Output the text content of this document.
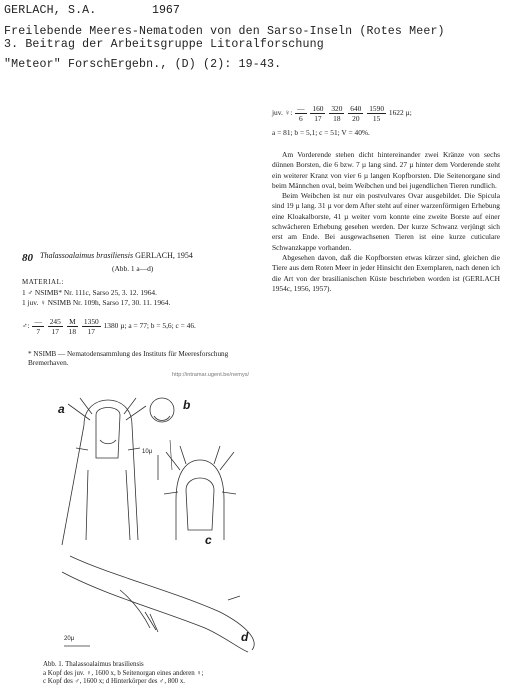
GERLACH, S.A.	1967
Freilebende Meeres-Nematoden von den Sarso-Inseln (Rotes Meer)
3. Beitrag der Arbeitsgruppe Litoralforschung
"Meteor" ForschErgebn., (D) (2): 19-43.
juv. ♀: $\frac{—}{6}$
$\frac{160}{17}$
$\frac{320}{18}$
$\frac{640}{20}$
$\frac{1590}{15} 1622$ µ;
a = 81; b = 5,1; c = 51; V = 40%.

Am Vorderende stehen dicht hintereinander zwei Kränze von sechs dünnen Borsten, die 6 bzw. 7 µ lang sind. 27 µ hinter dem Vorderende steht ein weiterer Kranz von vier 6 µ langen Kopfborsten. Die Seitenorgane sind beim Männchen oval, beim Weibchen und bei jugendlichen Tieren rundlich.

Beim Weibchen ist nur ein postvulvares Ovar ausgebildet. Die Spicula sind 19 µ lang. 31 µ vor dem After steht auf einer warzenförmigen Erhebung eine Kloakalborste, 41 µ weiter vorn konnte eine zweite Borste auf einer schwächeren Erhebung gesehen werden. Der kurze Schwanz verjüngt sich erst am Ende. Bei ausgewachsenen Tieren ist eine kurze cuticulare Schwanzkappe vorhanden.

Abgesehen davon, daß die Kopfborsten etwas kürzer sind, gleichen die Tiere aus dem Roten Meer in jeder Hinsicht den Exemplaren, nach denen ich die Art von der brasilianischen Küste beschrieben worden ist (GERLACH 1954c, 1956, 1957).

80 Thalassoalaimus brasiliensis GERLACH, 1954
(Abb. 1 a—d)
MATERIAL:
1 ♂ NSIMB* Nr. 111c, Sarso 25, 3. 12. 1964.
1 juv. ♀ NSIMB Nr. 109h, Sarso 17, 30. 11. 1964.
♂: $\frac{—}{7}$
$\frac{245}{17}$
$\frac{M}{18}$
$\frac{1350}{17} 1380$ µ; a = 77; b = 5,6; c = 46.
* NSIMB — Nematodensammlung des Instituts für Meeresforschung Bremerhaven.
http://intramar.ugent.be/nemys/
a	b
c
d
10µ
20µ
Abb. 1. Thalassoalaimus brasiliensis
a Kopf des juv. ♀, 1600 x, b Seitenorgan eines anderen ♀;
c Kopf des ♂, 1600 x; d Hinterkörper des ♂, 800 x.
